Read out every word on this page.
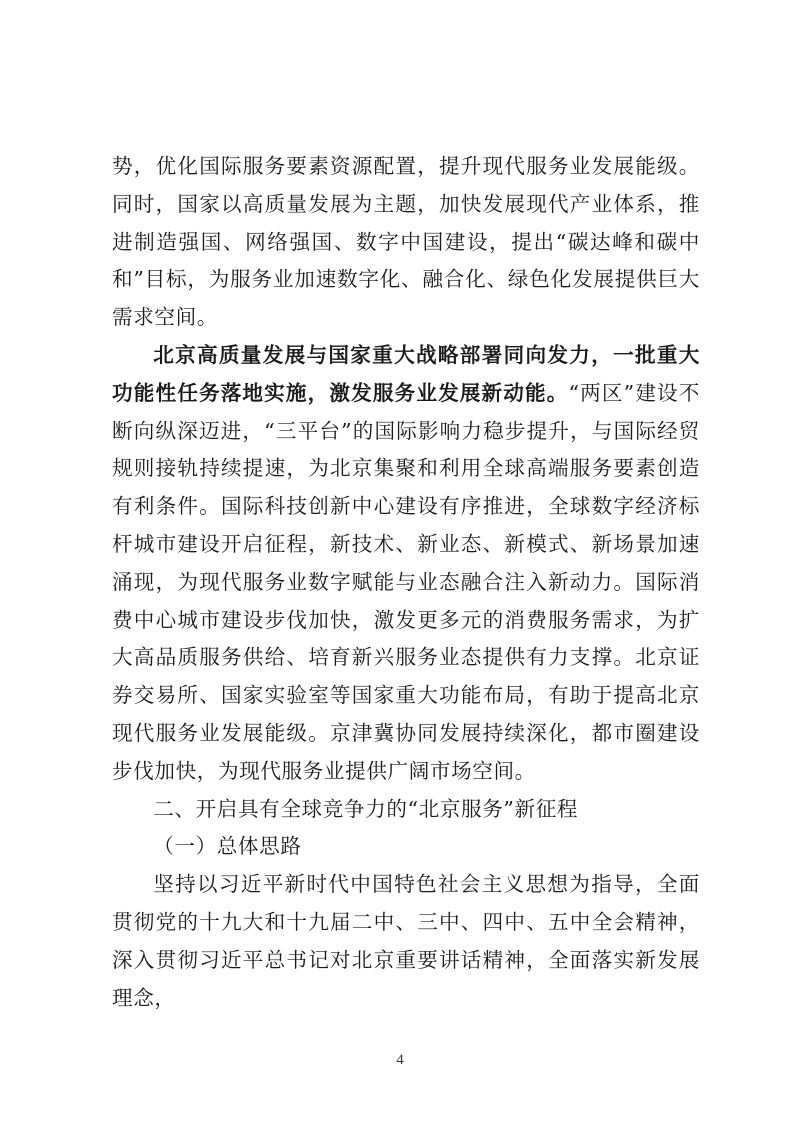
势，优化国际服务要素资源配置，提升现代服务业发展能级。同时，国家以高质量发展为主题，加快发展现代产业体系，推进制造强国、网络强国、数字中国建设，提出“碳达峰和碳中和”目标，为服务业加速数字化、融合化、绿色化发展提供巨大需求空间。

北京高质量发展与国家重大战略部署同向发力，一批重大功能性任务落地实施，激发服务业发展新动能。“两区”建设不断向纵深迈进，“三平台”的国际影响力稳步提升，与国际经贸规则接轨持续提速，为北京集聚和利用全球高端服务要素创造有利条件。国际科技创新中心建设有序推进，全球数字经济标杆城市建设开启征程，新技术、新业态、新模式、新场景加速涌现，为现代服务业数字赋能与业态融合注入新动力。国际消费中心城市建设步伐加快，激发更多元的消费服务需求，为扩大高品质服务供给、培育新兴服务业态提供有力支撑。北京证券交易所、国家实验室等国家重大功能布局，有助于提高北京现代服务业发展能级。京津冀协同发展持续深化，都市圈建设步伐加快，为现代服务业提供广阔市场空间。

二、开启具有全球竞争力的“北京服务”新征程

（一）总体思路

坚持以习近平新时代中国特色社会主义思想为指导，全面贯彻党的十九大和十九届二中、三中、四中、五中全会精神，深入贯彻习近平总书记对北京重要讲话精神，全面落实新发展理念，

4
